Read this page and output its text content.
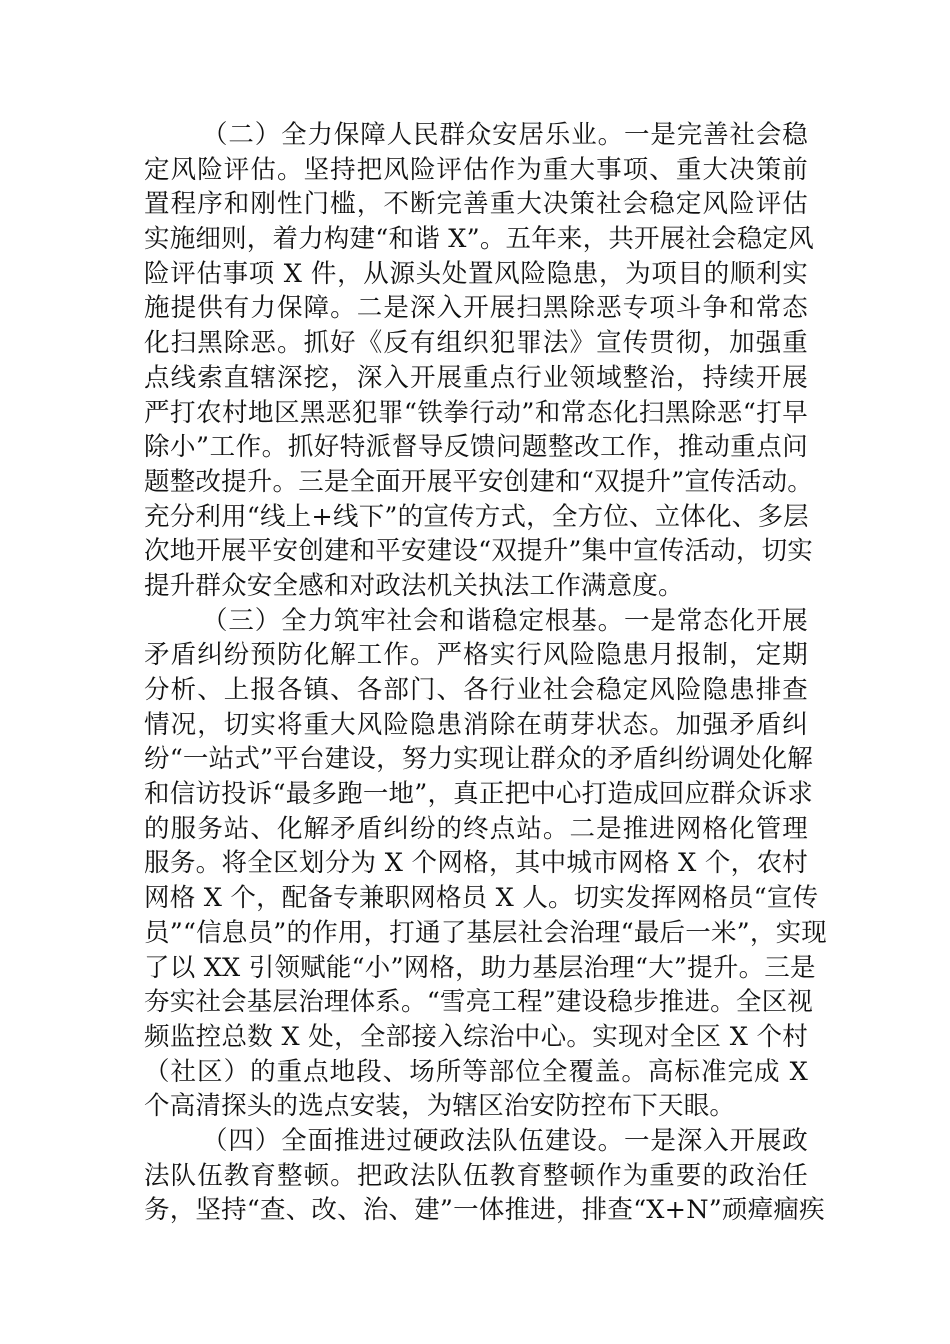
（二）全力保障人民群众安居乐业。一是完善社会稳
定风险评估。坚持把风险评估作为重大事项、重大决策前
置程序和刚性门槛，不断完善重大决策社会稳定风险评估
实施细则，着力构建“和谐 X”。五年来，共开展社会稳定风
险评估事项 X 件，从源头处置风险隐患，为项目的顺利实
施提供有力保障。二是深入开展扫黑除恶专项斗争和常态
化扫黑除恶。抓好《反有组织犯罪法》宣传贯彻，加强重
点线索直辖深挖，深入开展重点行业领域整治，持续开展
严打农村地区黑恶犯罪“铁拳行动”和常态化扫黑除恶“打早
除小”工作。抓好特派督导反馈问题整改工作，推动重点问
题整改提升。三是全面开展平安创建和“双提升”宣传活动。
充分利用“线上+线下”的宣传方式，全方位、立体化、多层
次地开展平安创建和平安建设“双提升”集中宣传活动，切实
提升群众安全感和对政法机关执法工作满意度。
（三）全力筑牢社会和谐稳定根基。一是常态化开展
矛盾纠纷预防化解工作。严格实行风险隐患月报制，定期
分析、上报各镇、各部门、各行业社会稳定风险隐患排查
情况，切实将重大风险隐患消除在萌芽状态。加强矛盾纠
纷“一站式”平台建设，努力实现让群众的矛盾纠纷调处化解
和信访投诉“最多跑一地”，真正把中心打造成回应群众诉求
的服务站、化解矛盾纠纷的终点站。二是推进网格化管理
服务。将全区划分为 X 个网格，其中城市网格 X 个，农村
网格 X 个，配备专兼职网格员 X 人。切实发挥网格员“宣传
员”“信息员”的作用，打通了基层社会治理“最后一米”，实现
了以 XX 引领赋能“小”网格，助力基层治理“大”提升。三是
夯实社会基层治理体系。“雪亮工程”建设稳步推进。全区视
频监控总数 X 处，全部接入综治中心。实现对全区 X 个村
（社区）的重点地段、场所等部位全覆盖。高标准完成 X
个高清探头的选点安装，为辖区治安防控布下天眼。
（四）全面推进过硬政法队伍建设。一是深入开展政
法队伍教育整顿。把政法队伍教育整顿作为重要的政治任
务，坚持“查、改、治、建”一体推进，排查“X+N”顽瘴痼疾
